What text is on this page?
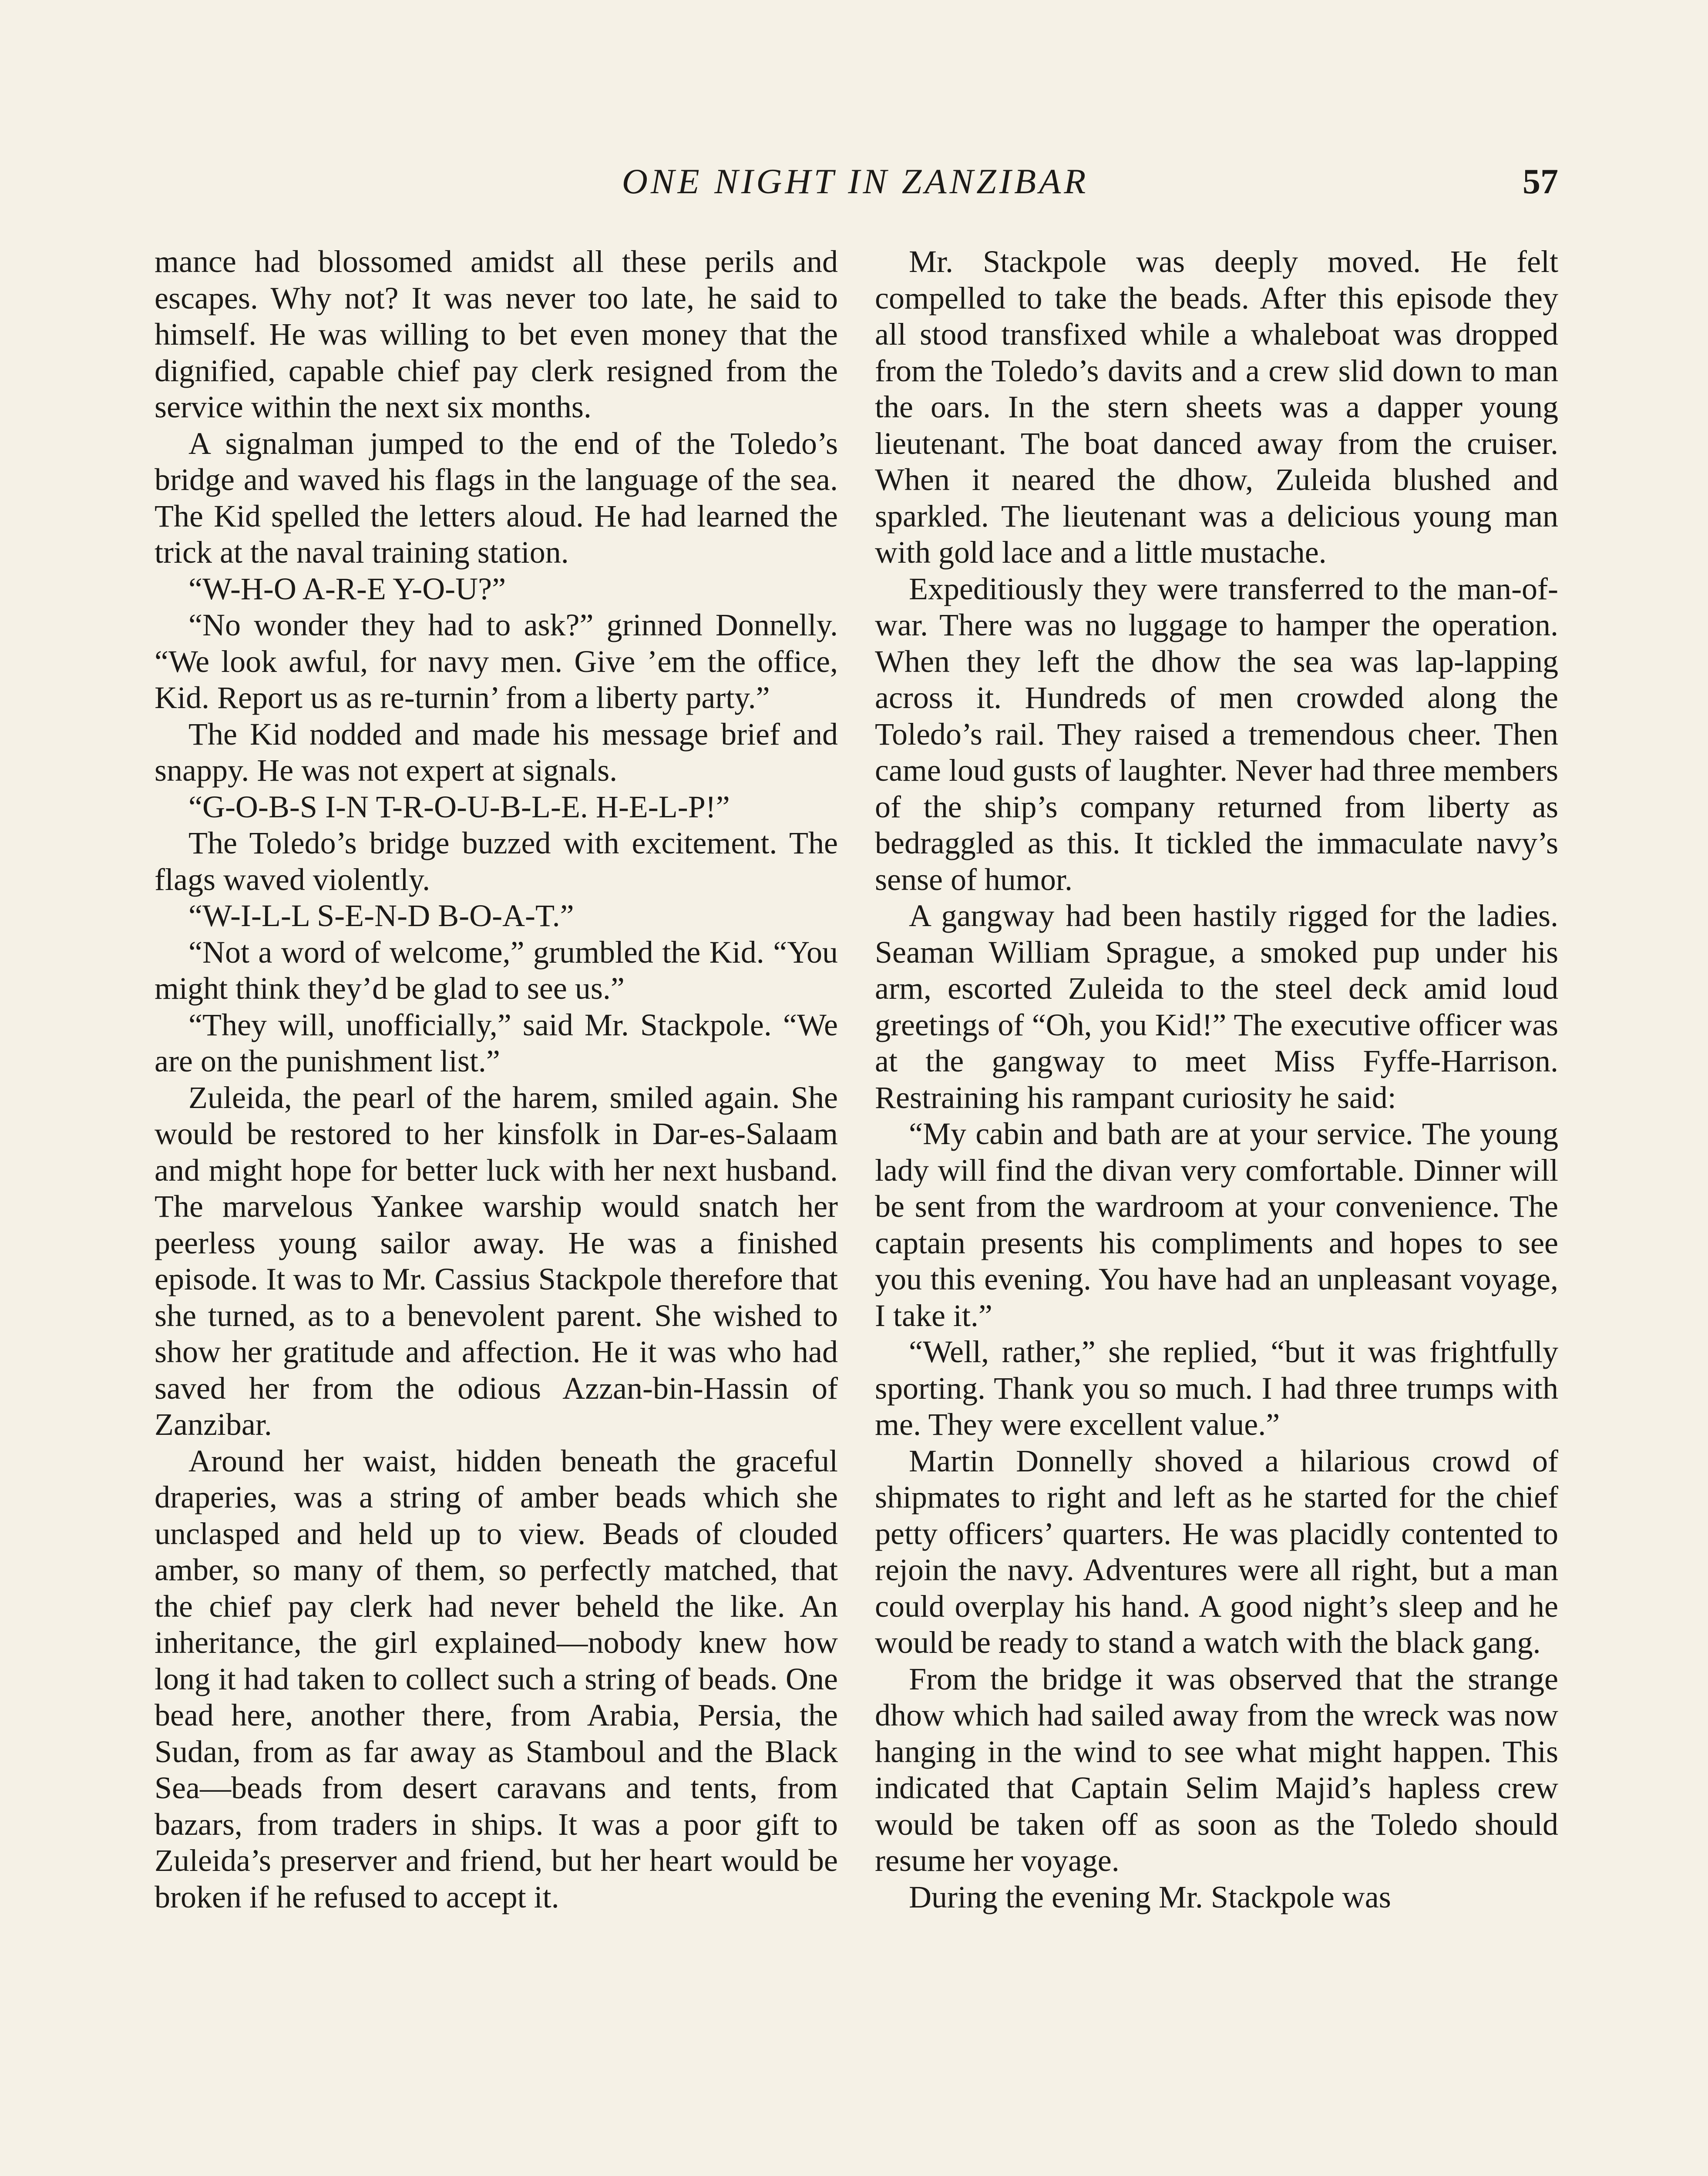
ONE NIGHT IN ZANZIBAR	57

mance had blossomed amidst all these perils and escapes. Why not? It was never too late, he said to himself. He was willing to bet even money that the dignified, capable chief pay clerk resigned from the service within the next six months.

A signalman jumped to the end of the Toledo’s bridge and waved his flags in the language of the sea. The Kid spelled the letters aloud. He had learned the trick at the naval training station.

“W-H-O A-R-E Y-O-U?”

“No wonder they had to ask?” grinned Donnelly. “We look awful, for navy men. Give ’em the office, Kid. Report us as re-turnin’ from a liberty party.”

The Kid nodded and made his message brief and snappy. He was not expert at signals.

“G-O-B-S I-N T-R-O-U-B-L-E. H-E-L-P!”

The Toledo’s bridge buzzed with excitement. The flags waved violently.

“W-I-L-L S-E-N-D B-O-A-T.”

“Not a word of welcome,” grumbled the Kid. “You might think they’d be glad to see us.”

“They will, unofficially,” said Mr. Stackpole. “We are on the punishment list.”

Zuleida, the pearl of the harem, smiled again. She would be restored to her kinsfolk in Dar-es-Salaam and might hope for better luck with her next husband. The marvelous Yankee warship would snatch her peerless young sailor away. He was a finished episode. It was to Mr. Cassius Stackpole therefore that she turned, as to a benevolent parent. She wished to show her gratitude and affection. He it was who had saved her from the odious Azzan-bin-Hassin of Zanzibar.

Around her waist, hidden beneath the graceful draperies, was a string of amber beads which she unclasped and held up to view. Beads of clouded amber, so many of them, so perfectly matched, that the chief pay clerk had never beheld the like. An inheritance, the girl explained—nobody knew how long it had taken to collect such a string of beads. One bead here, another there, from Arabia, Persia, the Sudan, from as far away as Stamboul and the Black Sea—beads from desert caravans and tents, from bazars, from traders in ships. It was a poor gift to Zuleida’s preserver and friend, but her heart would be broken if he refused to accept it.

Mr. Stackpole was deeply moved. He felt compelled to take the beads. After this episode they all stood transfixed while a whaleboat was dropped from the Toledo’s davits and a crew slid down to man the oars. In the stern sheets was a dapper young lieutenant. The boat danced away from the cruiser. When it neared the dhow, Zuleida blushed and sparkled. The lieutenant was a delicious young man with gold lace and a little mustache.

Expeditiously they were transferred to the man-of-war. There was no luggage to hamper the operation. When they left the dhow the sea was lap-lapping across it. Hundreds of men crowded along the Toledo’s rail. They raised a tremendous cheer. Then came loud gusts of laughter. Never had three members of the ship’s company returned from liberty as bedraggled as this. It tickled the immaculate navy’s sense of humor.

A gangway had been hastily rigged for the ladies. Seaman William Sprague, a smoked pup under his arm, escorted Zuleida to the steel deck amid loud greetings of “Oh, you Kid!” The executive officer was at the gangway to meet Miss Fyffe-Harrison. Restraining his rampant curiosity he said:

“My cabin and bath are at your service. The young lady will find the divan very comfortable. Dinner will be sent from the wardroom at your convenience. The captain presents his compliments and hopes to see you this evening. You have had an unpleasant voyage, I take it.”

“Well, rather,” she replied, “but it was frightfully sporting. Thank you so much. I had three trumps with me. They were excellent value.”

Martin Donnelly shoved a hilarious crowd of shipmates to right and left as he started for the chief petty officers’ quarters. He was placidly contented to rejoin the navy. Adventures were all right, but a man could overplay his hand. A good night’s sleep and he would be ready to stand a watch with the black gang.

From the bridge it was observed that the strange dhow which had sailed away from the wreck was now hanging in the wind to see what might happen. This indicated that Captain Selim Majid’s hapless crew would be taken off as soon as the Toledo should resume her voyage.

During the evening Mr. Stackpole was
